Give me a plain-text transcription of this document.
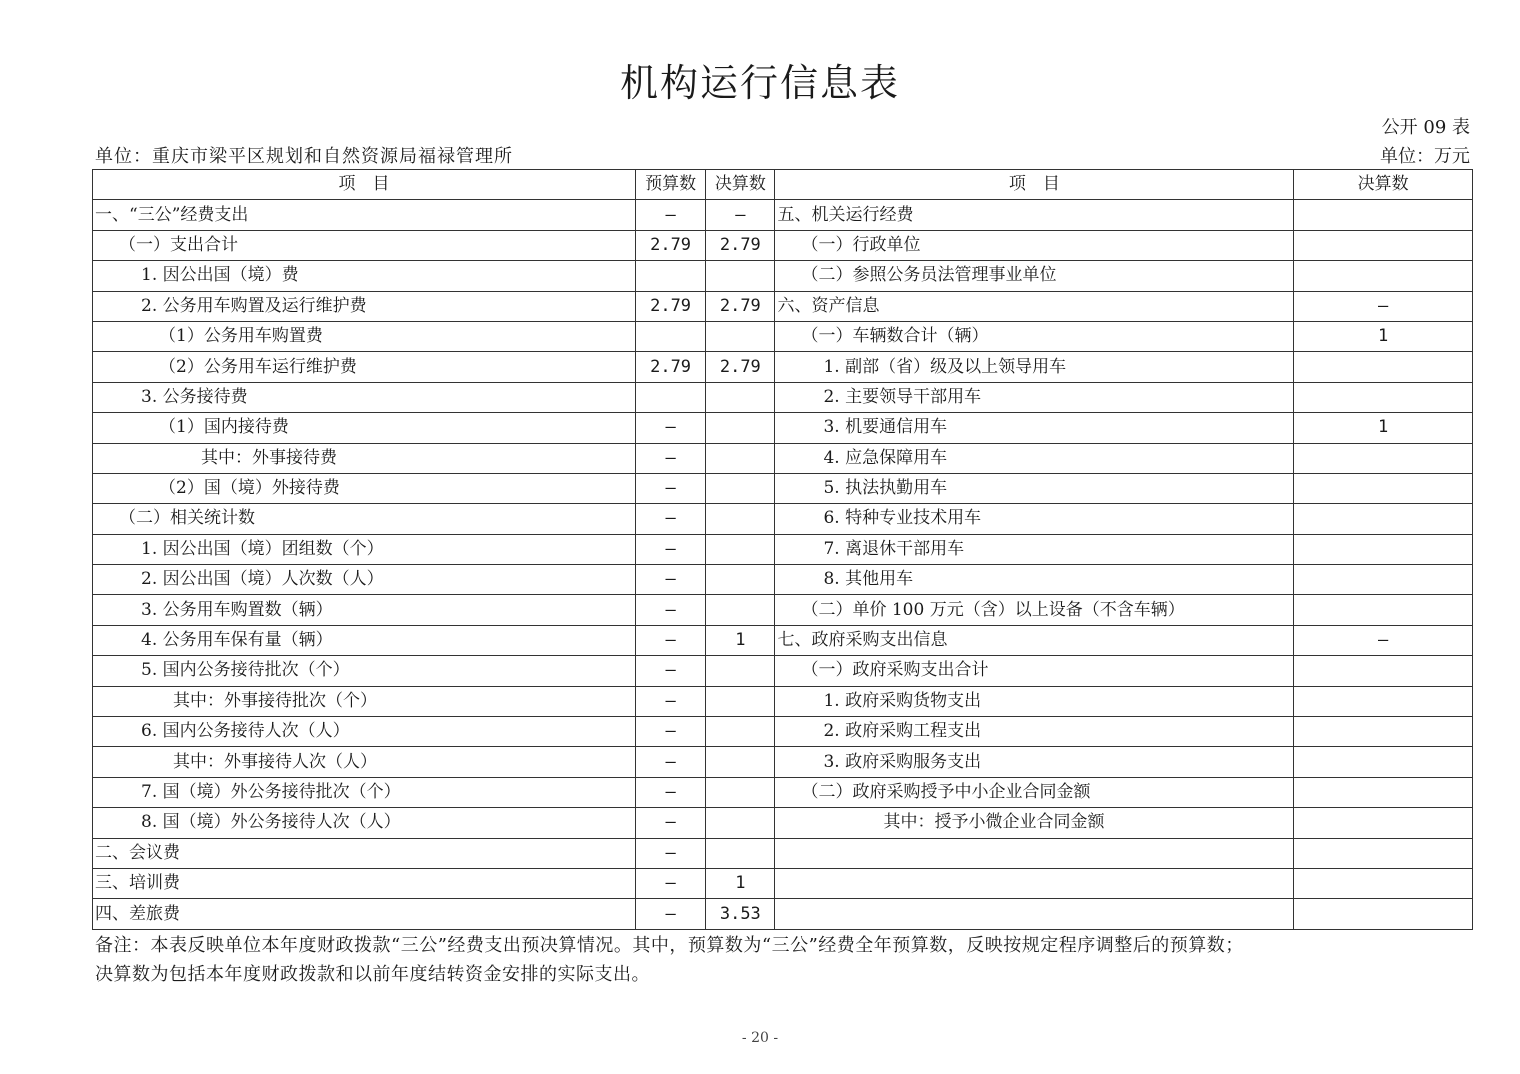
机构运行信息表
公开 09 表
单位：重庆市梁平区规划和自然资源局福禄管理所	单位：万元
项　目	预算数	决算数	项　目	决算数
一、“三公”经费支出	—	—	五、机关运行经费	
（一）支出合计	2.79	2.79	（一）行政单位	
1. 因公出国（境）费			（二）参照公务员法管理事业单位	
2. 公务用车购置及运行维护费	2.79	2.79	六、资产信息	—
（1）公务用车购置费			（一）车辆数合计（辆）	1
（2）公务用车运行维护费	2.79	2.79	1. 副部（省）级及以上领导用车	
3. 公务接待费			2. 主要领导干部用车	
（1）国内接待费	—		3. 机要通信用车	1
其中：外事接待费	—		4. 应急保障用车	
（2）国（境）外接待费	—		5. 执法执勤用车	
（二）相关统计数	—		6. 特种专业技术用车	
1. 因公出国（境）团组数（个）	—		7. 离退休干部用车	
2. 因公出国（境）人次数（人）	—		8. 其他用车	
3. 公务用车购置数（辆）	—		（二）单价 100 万元（含）以上设备（不含车辆）	
4. 公务用车保有量（辆）	—	1	七、政府采购支出信息	—
5. 国内公务接待批次（个）	—		（一）政府采购支出合计	
其中：外事接待批次（个）	—		1. 政府采购货物支出	
6. 国内公务接待人次（人）	—		2. 政府采购工程支出	
其中：外事接待人次（人）	—		3. 政府采购服务支出	
7. 国（境）外公务接待批次（个）	—		（二）政府采购授予中小企业合同金额	
8. 国（境）外公务接待人次（人）	—		其中：授予小微企业合同金额	
二、会议费	—			
三、培训费	—	1		
四、差旅费	—	3.53		
备注：本表反映单位本年度财政拨款“三公”经费支出预决算情况。其中，预算数为“三公”经费全年预算数，反映按规定程序调整后的预算数；
决算数为包括本年度财政拨款和以前年度结转资金安排的实际支出。
- 20 -
